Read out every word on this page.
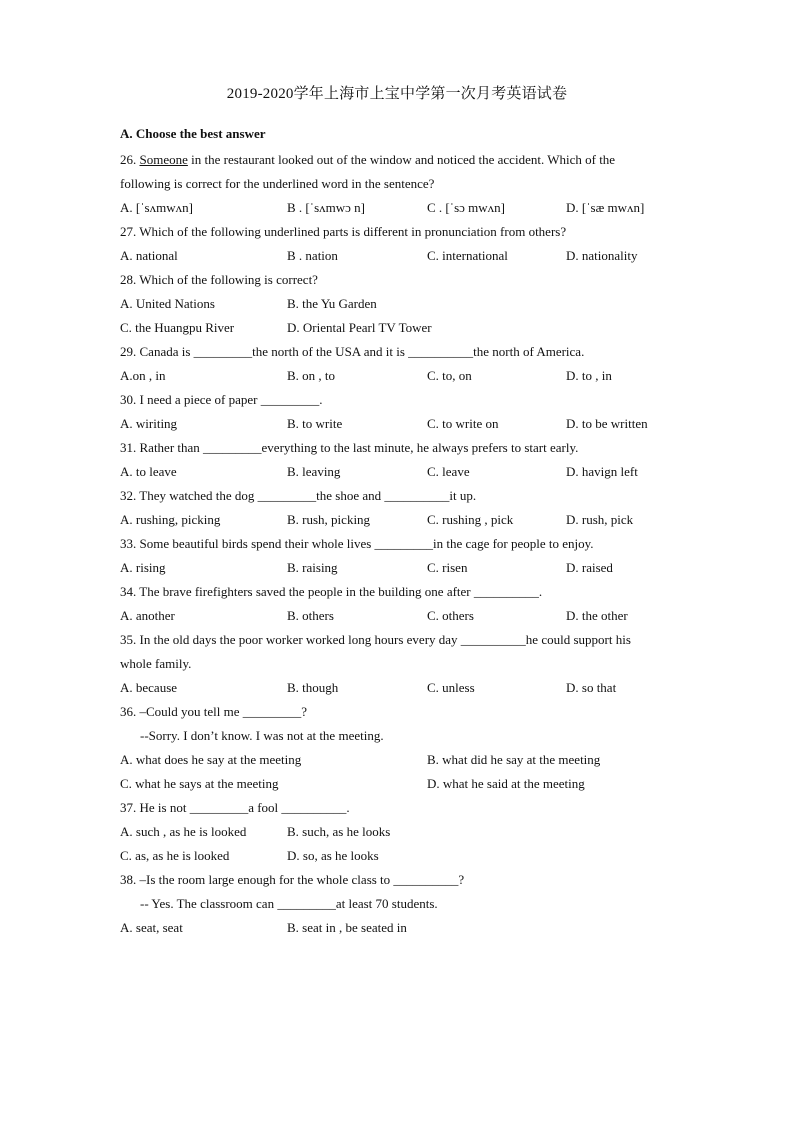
2019-2020学年上海市上宝中学第一次月考英语试卷
A. Choose the best answer
26. Someone in the restaurant looked out of the window and noticed the accident. Which of the
following is correct for the underlined word in the sentence?
A. [ˈsʌmwʌn]	B . [ˈsʌmwɔ n]	C . [ˈsɔ mwʌn]	D. [ˈsæ mwʌn]
27. Which of the following underlined parts is different in pronunciation from others?
A. national	B . nation	C. international	D. nationality
28. Which of the following is correct?
A. United Nations	B. the Yu Garden
C. the Huangpu River	D. Oriental Pearl TV Tower
29. Canada is _________the north of the USA and it is __________the north of America.
A.on , in	B. on , to	C. to, on	D. to , in
30. I need a piece of paper _________.
A. wiriting	B. to write	C. to write on	D. to be written
31. Rather than _________everything to the last minute, he always prefers to start early.
A. to leave	B. leaving	C. leave	D. havign left
32. They watched the dog _________the shoe and __________it up.
A. rushing, picking	B. rush, picking	C. rushing , pick	D. rush, pick
33. Some beautiful birds spend their whole lives _________in the cage for people to enjoy.
A. rising	B. raising	C. risen	D. raised
34. The brave firefighters saved the people in the building one after __________.
A. another	B. others	C. others	D. the other
35. In the old days the poor worker worked long hours every day __________he could support his
whole family.
A. because	B. though	C. unless	D. so that
36. –Could you tell me _________?
--Sorry. I don’t know. I was not at the meeting.
A. what does he say at the meeting	B. what did he say at the meeting
C. what he says at the meeting	D. what he said at the meeting
37. He is not _________a fool __________.
A. such , as he is looked	B. such, as he looks
C. as, as he is looked	D. so, as he looks
38. –Is the room large enough for the whole class to __________?
-- Yes. The classroom can _________at least 70 students.
A. seat, seat	B. seat in , be seated in
